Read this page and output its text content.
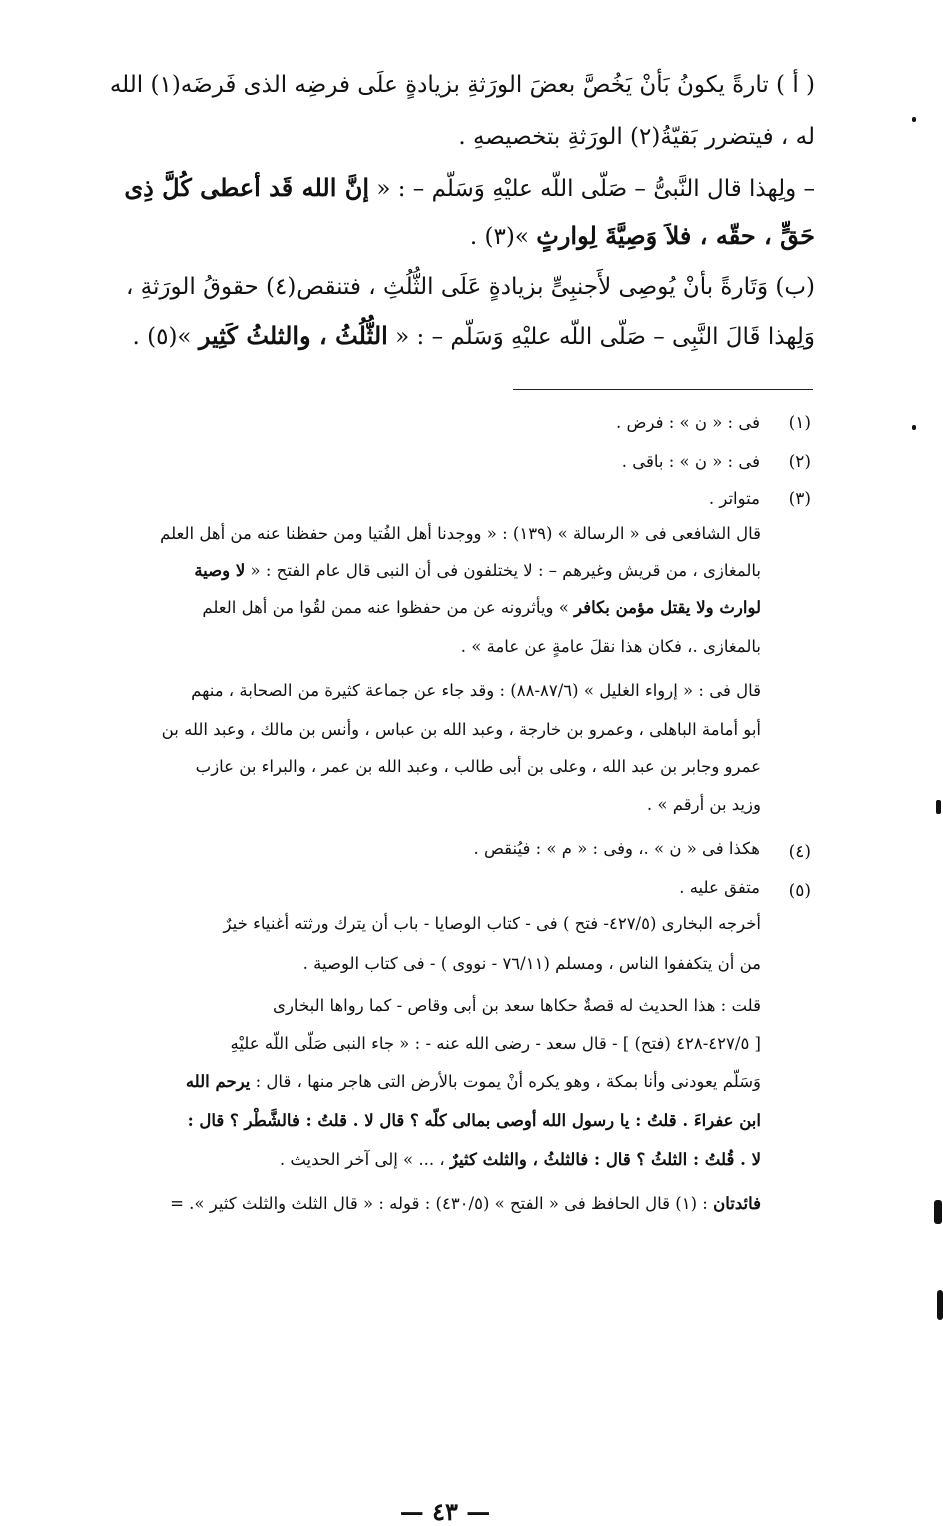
( أ ) تارةً يكونُ بَأنْ يَخُصَّ بعضَ الورَثةِ بزيادةٍ علَى فرضِه الذى فَرضَه(١) الله
له ، فيتضرر بَقيّةُ(٢) الورَثةِ بتخصيصهِ .
– ولِهذا قال النَّبىُّ – صَلّى اللّه عليْهِ وَسَلّم – : « إنَّ الله قَد أعطى كُلَّ ذِى
حَقٍّ ، حقّه ، فلاَ وَصِيَّةَ لِوارثٍ »(٣) .
(ب) وَتَارةً بأنْ يُوصِى لأَجنبِىٍّ بزيادةٍ عَلَى الثُّلُثِ ، فتنقص(٤) حقوقُ الورَثةِ ،
وَلِهذا قَالَ النَّبِى – صَلّى اللّه عليْهِ وَسَلّم – : « الثُّلُثُ ، والثلثُ كَثِير »(٥) .
(١)
فى : « ن » : فرض .
(٢)
فى : « ن » : باقى .
(٣)
متواتر .
قال الشافعى فى « الرسالة » (١٣٩) : « ووجدنا أهل الفُتيا ومن حفظنا عنه من أهل العلم
بالمغازى ، من قريش وغيرهم – : لا يختلفون فى أن النبى قال عام الفتح : « لا وصية
لوارث ولا يقتل مؤمن بكافر » ويأثرونه عن من حفظوا عنه ممن لقُوا من أهل العلم
بالمغازى .، فكان هذا نقلَ عامةٍ عن عامة » .
قال فى : « إرواء الغليل » (٨٧/٦-٨٨) : وقد جاء عن جماعة كثيرة من الصحابة ، منهم
أبو أمامة الباهلى ، وعمرو بن خارجة ، وعبد الله بن عباس ، وأنس بن مالك ، وعبد الله بن
عمرو وجابر بن عبد الله ، وعلى بن أبى طالب ، وعبد الله بن عمر ، والبراء بن عازب
وزيد بن أرقم » .
(٤)
هكذا فى « ن » .، وفى : « م » : فيُنقص .
(٥)
متفق عليه .
أخرجه البخارى (٤٢٧/٥- فتح ) فى - كتاب الوصايا - باب أن يترك ورثته أغنياء خيرٌ
من أن يتكففوا الناس ، ومسلم (٧٦/١١ - نووى ) - فى كتاب الوصية .
قلت : هذا الحديث له قصةٌ حكاها سعد بن أبى وقاص - كما رواها البخارى
[ ٤٢٧/٥-٤٢٨ (فتح) ] - قال سعد - رضى الله عنه - : « جاء النبى صَلّى اللّه عليْهِ
وَسَلّم يعودنى وأنا بمكة ، وهو يكره أنْ يموت بالأرض التى هاجر منها ، قال : يرحم الله
ابن عفراءَ . قلتُ : يا رسول الله أوصى بمالى كلّه ؟ قال لا . قلتُ : فالشَّطْر ؟ قال :
لا . قُلتُ : الثلثُ ؟ قال : فالثلثُ ، والثلث كثيرٌ ، ... » إلى آخر الحديث .
فائدتان : (١) قال الحافظ فى « الفتح » (٤٣٠/٥) : قوله : « قال الثلث والثلث كثير ». =
— ٤٣ —
